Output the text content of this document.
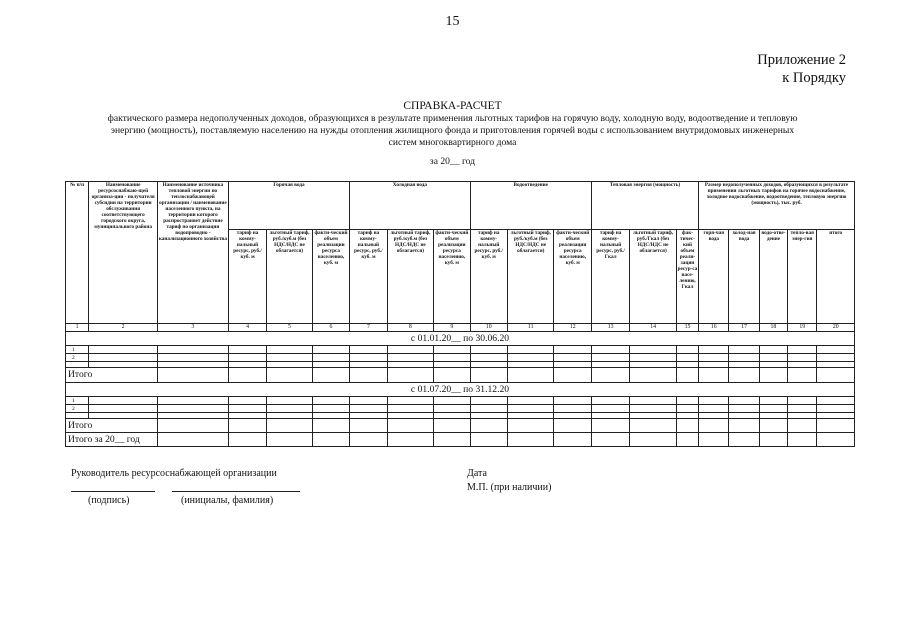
15
Приложение 2
к Порядку
СПРАВКА-РАСЧЕТ
фактического размера недополученных доходов, образующихся в результате применения льготных тарифов на горячую воду, холодную воду, водоотведение и тепловую
энергию (мощность), поставляемую населению на нужды отопления жилищного фонда и приготовления горячей воды с использованием внутридомовых инженерных
систем многоквартирного дома
за 20__ год
№ п/п	Наименование ресурсоснабжаю-щей организа-ции - получателя субсидии на территории обслуживания соответствующего городского округа, муниципального района	Наименование источника тепловой энергии по теплоснабжающей организации / наименование населенного пункта, на территории которого распространяет действие тариф по организации водопроводно - канализационного хозяйства	Горячая вода			Холодная вода			Водоотведение			Тепловая энергия (мощность)			Размер недополученных доходов, образующихся в результате применения льготных тарифов на горячее водоснабжение, холодное водоснабжение, водоотведение, тепловую энергию (мощность), тыс. руб.				
			тариф на комму-нальный ресурс, руб./куб. м	льготный тариф, руб./куб.м (без НДС/НДС не облагается)	факти-ческий объем реализации ресурса населению, куб. м	тариф на комму-нальный ресурс, руб./куб. м	льготный тариф, руб./куб.м (без НДС/НДС не облагается)	факти-ческий объем реализации ресурса населению, куб. м	тариф на комму-нальный ресурс, руб./куб. м	льготный тариф, руб./куб.м (без НДС/НДС не облагается)	факти-ческий объем реализации ресурса населению, куб. м	тариф на комму-нальный ресурс, руб./Гкал	льготный тариф, руб./Гкал (без НДС/НДС не облагается)	фак-тичес-кий объем реали-зации ресур-са насе-лению, Гкал	горя-чая вода	холод-ная вода	водо-отве-дение	тепло-вая энер-гия	итого
1	2	3	4	5	6	7	8	9	10	11	12	13	14	15	16	17	18	19	20
с 01.01.20__ по 30.06.20																			
1																			
2																			

Итого																			
с 01.07.20__ по 31.12.20																			
1																			
2																			

Итого																			
Итого за 20__ год																			
Руководитель ресурсоснабжающей организации
(подпись)	(инициалы, фамилия)
Дата
М.П. (при наличии)
